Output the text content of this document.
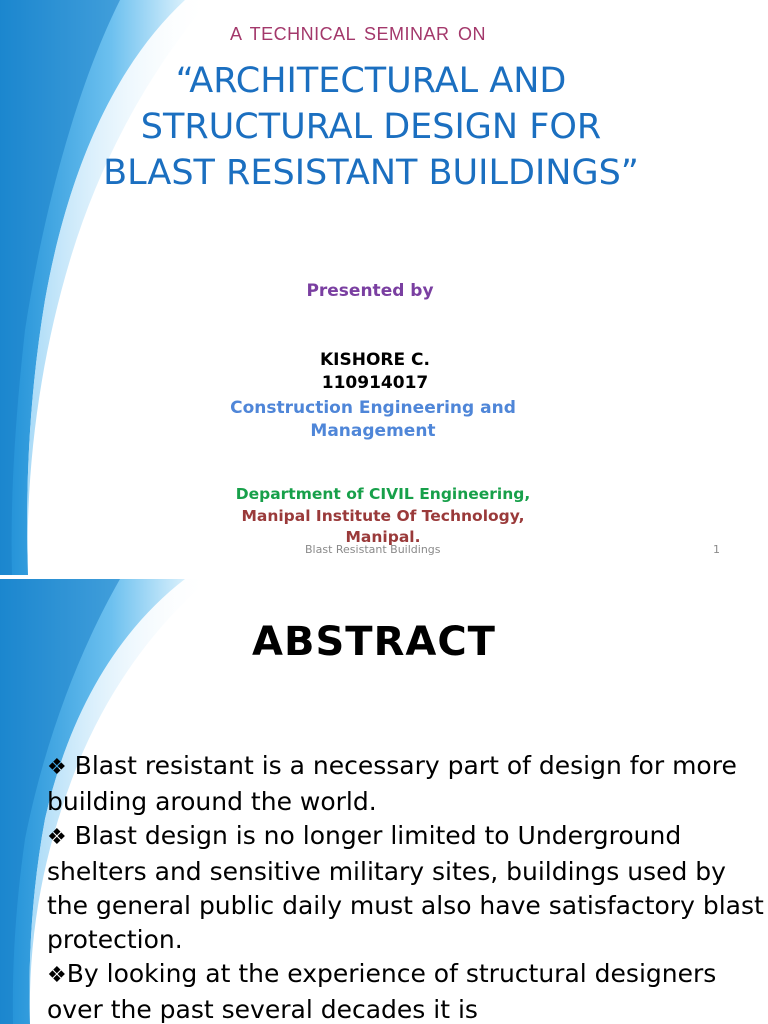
A TECHNICAL SEMINAR ON
“ARCHITECTURAL AND
STRUCTURAL DESIGN FOR
BLAST RESISTANT BUILDINGS”
Presented by
KISHORE C.
110914017
Construction Engineering and
Management
Department of CIVIL Engineering,
Manipal Institute Of Technology,
Manipal.
Blast Resistant Buildings	1
ABSTRACT

❖ Blast resistant is a necessary part of design for more building around the world.

❖ Blast design is no longer limited to Underground shelters and sensitive military sites, buildings used by the general public daily must also have satisfactory blast protection.

❖By looking at the experience of structural designers over the past several decades it is
